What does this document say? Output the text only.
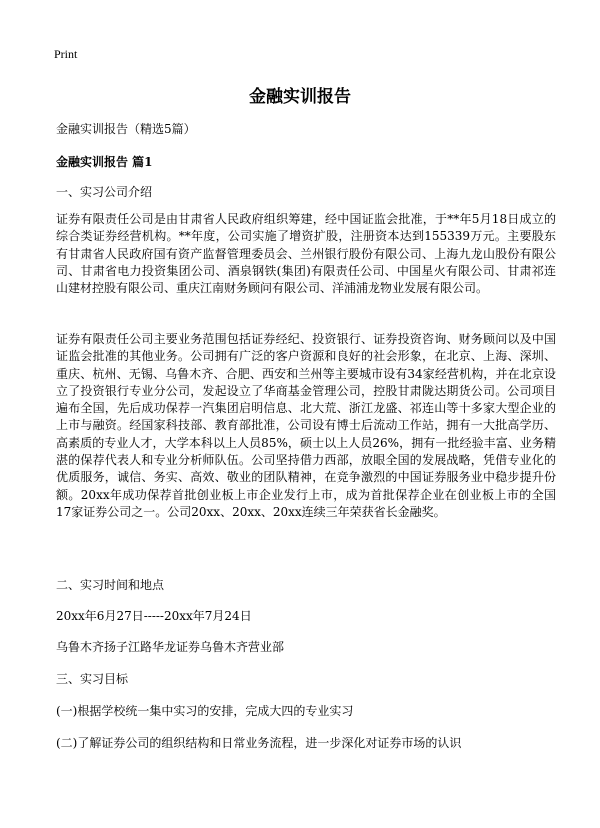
Print
金融实训报告
金融实训报告（精选5篇）
金融实训报告 篇1
一、实习公司介绍
证券有限责任公司是由甘肃省人民政府组织筹建，经中国证监会批准，于**年5月18日成立的综合类证券经营机构。**年度，公司实施了增资扩股，注册资本达到155339万元。主要股东有甘肃省人民政府国有资产监督管理委员会、兰州银行股份有限公司、上海九龙山股份有限公司、甘肃省电力投资集团公司、酒泉钢铁(集团)有限责任公司、中国星火有限公司、甘肃祁连山建材控股有限公司、重庆江南财务顾问有限公司、洋浦浦龙物业发展有限公司。
证券有限责任公司主要业务范围包括证券经纪、投资银行、证券投资咨询、财务顾问以及中国证监会批准的其他业务。公司拥有广泛的客户资源和良好的社会形象，在北京、上海、深圳、重庆、杭州、无锡、乌鲁木齐、合肥、西安和兰州等主要城市设有34家经营机构，并在北京设立了投资银行专业分公司，发起设立了华商基金管理公司，控股甘肃陇达期货公司。公司项目遍布全国，先后成功保荐一汽集团启明信息、北大荒、浙江龙盛、祁连山等十多家大型企业的上市与融资。经国家科技部、教育部批准，公司设有博士后流动工作站，拥有一大批高学历、高素质的专业人才，大学本科以上人员85%，硕士以上人员26%，拥有一批经验丰富、业务精湛的保荐代表人和专业分析师队伍。公司坚持借力西部，放眼全国的发展战略，凭借专业化的优质服务，诚信、务实、高效、敬业的团队精神，在竞争激烈的中国证券服务业中稳步提升份额。20xx年成功保荐首批创业板上市企业发行上市，成为首批保荐企业在创业板上市的全国17家证券公司之一。公司20xx、20xx、20xx连续三年荣获省长金融奖。
二、实习时间和地点
20xx年6月27日-----20xx年7月24日
乌鲁木齐扬子江路华龙证券乌鲁木齐营业部
三、实习目标
(一)根据学校统一集中实习的安排，完成大四的专业实习
(二)了解证券公司的组织结构和日常业务流程，进一步深化对证券市场的认识
